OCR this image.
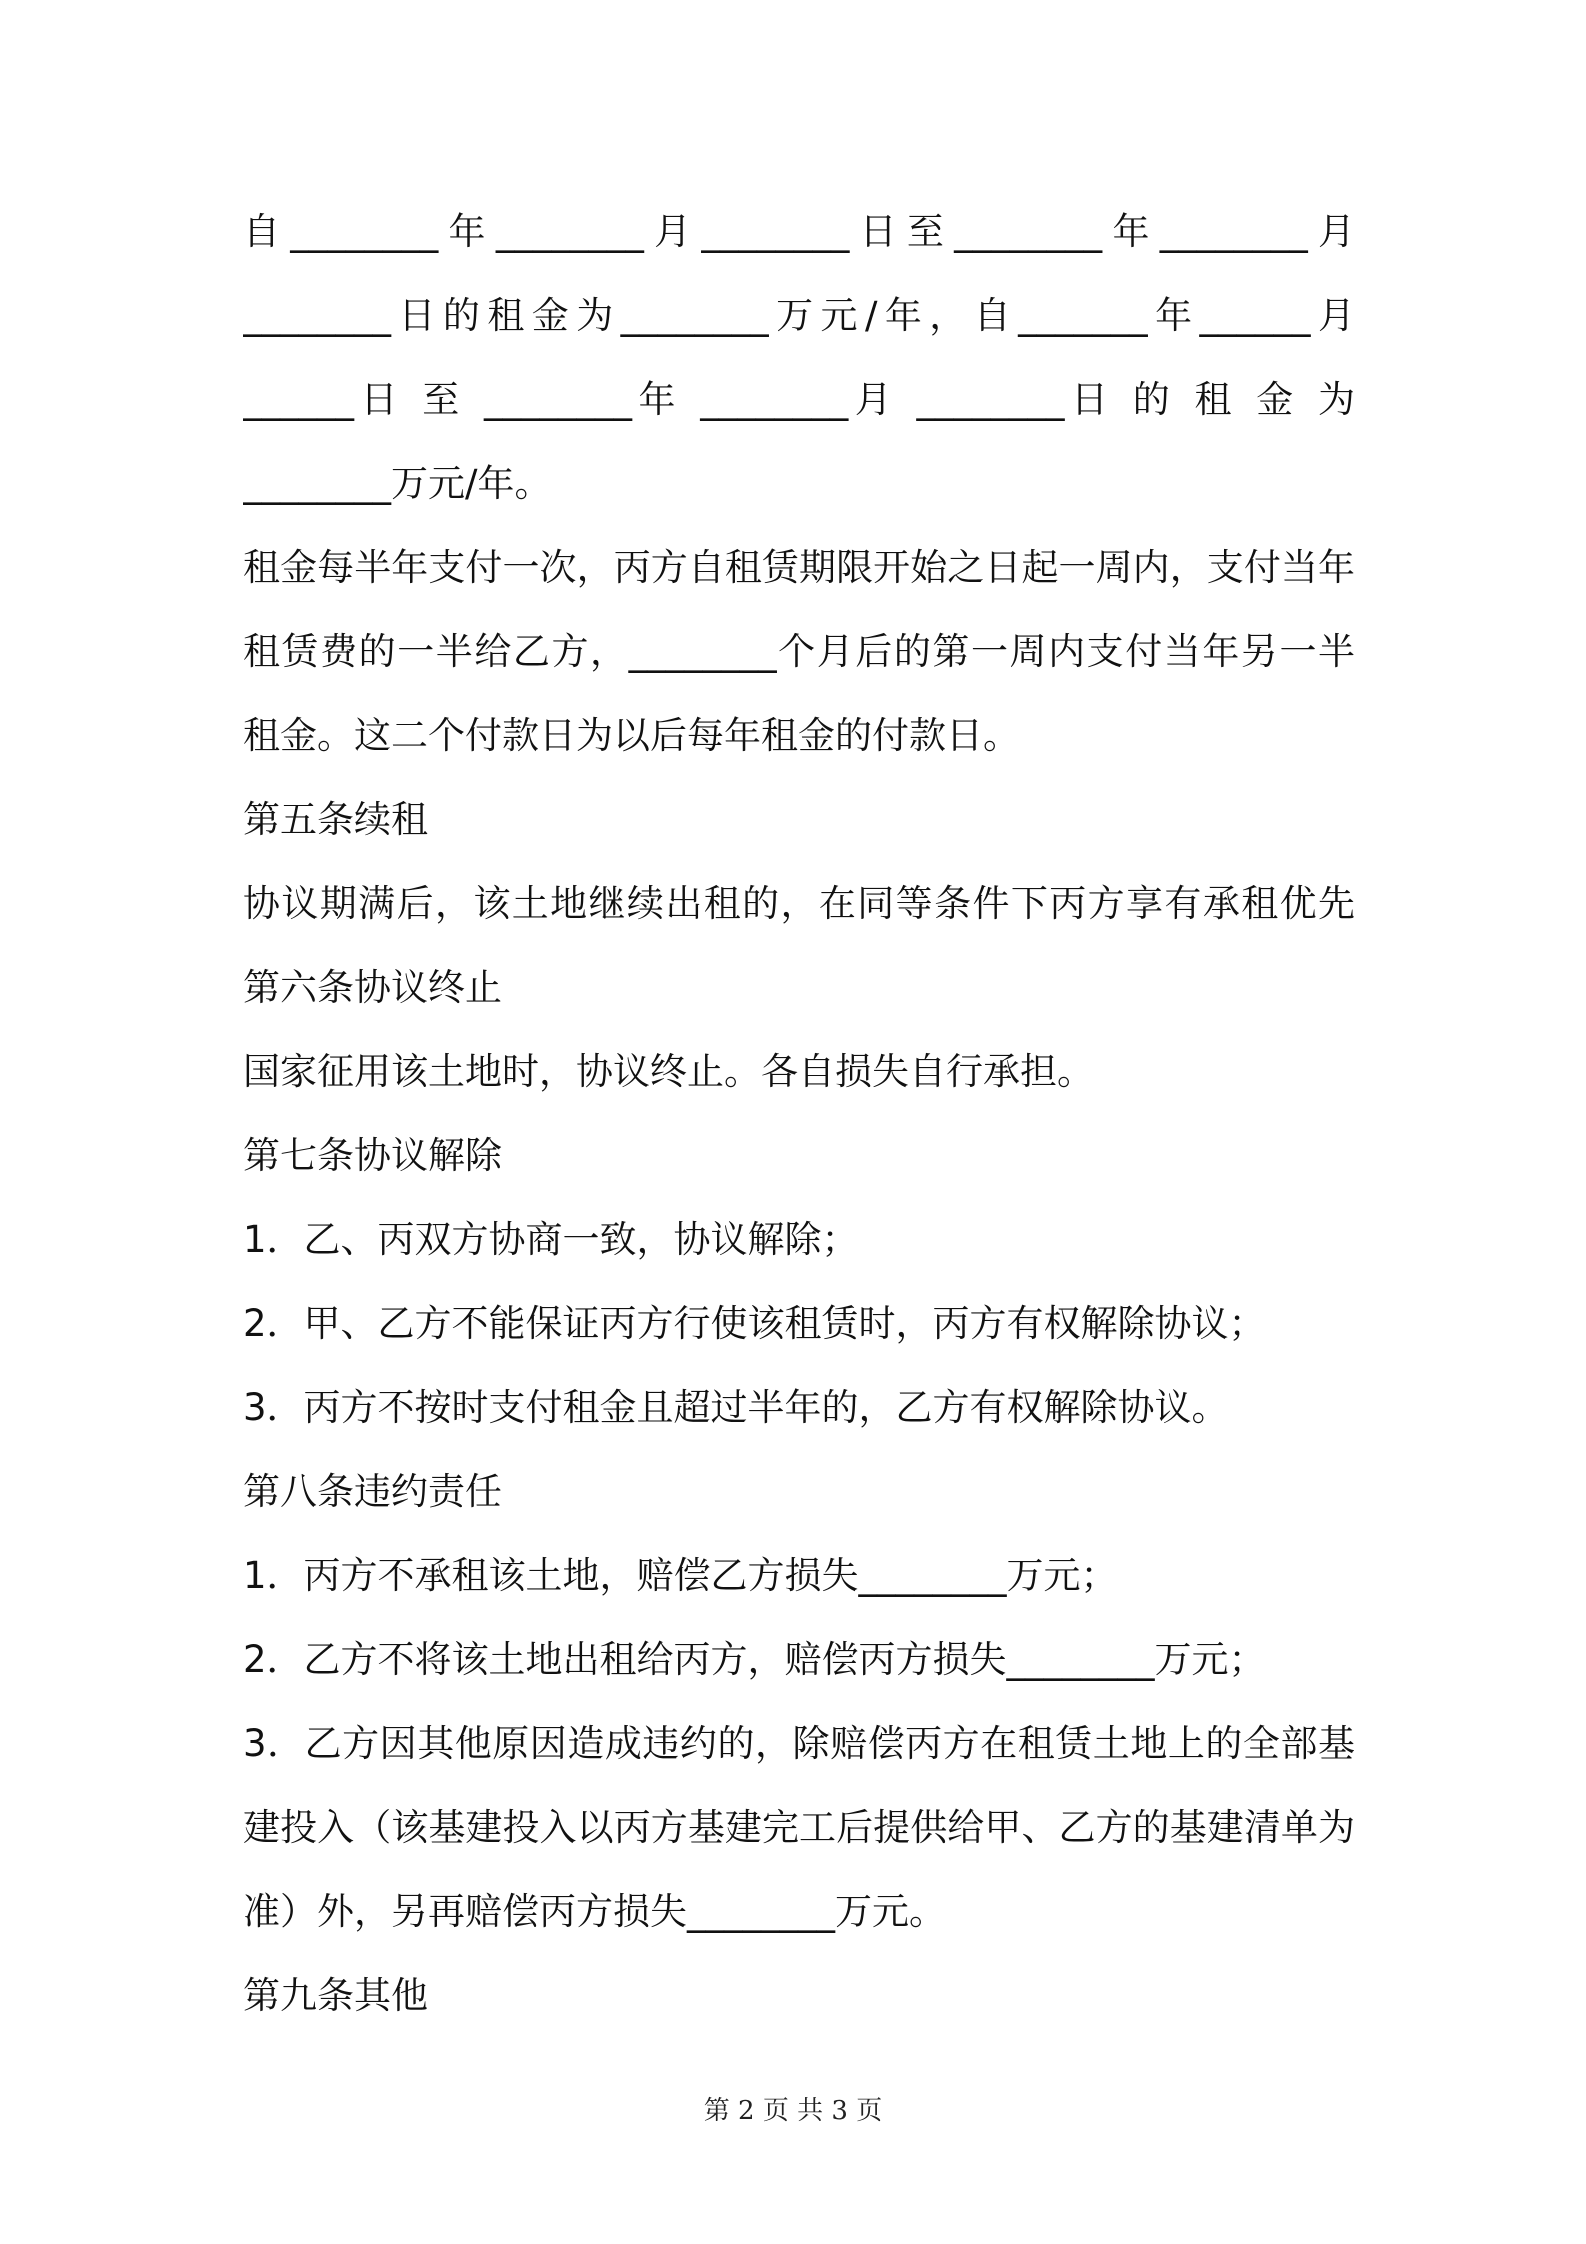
自________年________月________日至________年________月
________日的租金为________万元/年，自_______年______月
______日 至 ________年 ________月 ________日 的 租 金 为
________万元/年。
租金每半年支付一次，丙方自租赁期限开始之日起一周内，支付当年
租赁费的一半给乙方，________个月后的第一周内支付当年另一半
租金。这二个付款日为以后每年租金的付款日。
第五条续租
协议期满后，该土地继续出租的，在同等条件下丙方享有承租优先
第六条协议终止
国家征用该土地时，协议终止。各自损失自行承担。
第七条协议解除
1．乙、丙双方协商一致，协议解除；
2．甲、乙方不能保证丙方行使该租赁时，丙方有权解除协议；
3．丙方不按时支付租金且超过半年的，乙方有权解除协议。
第八条违约责任
1．丙方不承租该土地，赔偿乙方损失________万元；
2．乙方不将该土地出租给丙方，赔偿丙方损失________万元；
3．乙方因其他原因造成违约的，除赔偿丙方在租赁土地上的全部基
建投入（该基建投入以丙方基建完工后提供给甲、乙方的基建清单为
准）外，另再赔偿丙方损失________万元。
第九条其他
第 2 页 共 3 页
